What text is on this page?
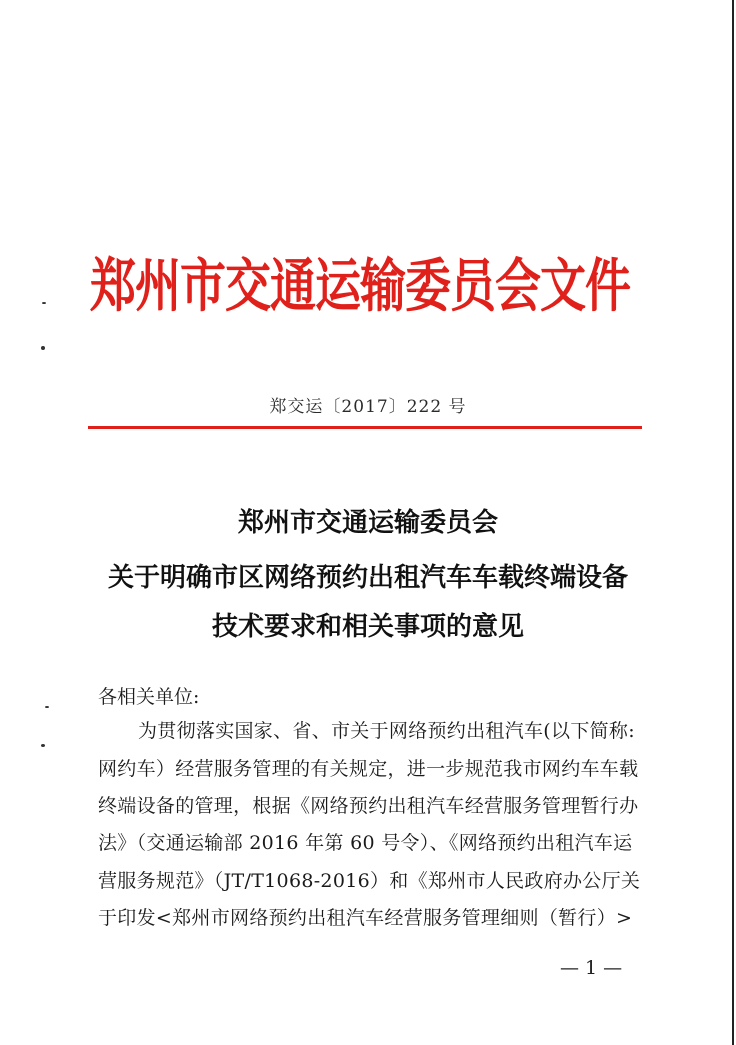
郑州市交通运输委员会文件
郑交运〔2017〕222 号
郑州市交通运输委员会
关于明确市区网络预约出租汽车车载终端设备
技术要求和相关事项的意见
各相关单位:
为贯彻落实国家、省、市关于网络预约出租汽车(以下简称:
网约车）经营服务管理的有关规定，进一步规范我市网约车车载
终端设备的管理，根据《网络预约出租汽车经营服务管理暂行办
法》（交通运输部 2016 年第 60 号令）、《网络预约出租汽车运
营服务规范》（JT/T1068-2016）和《郑州市人民政府办公厅关
于印发<郑州市网络预约出租汽车经营服务管理细则（暂行）>
— 1 —
